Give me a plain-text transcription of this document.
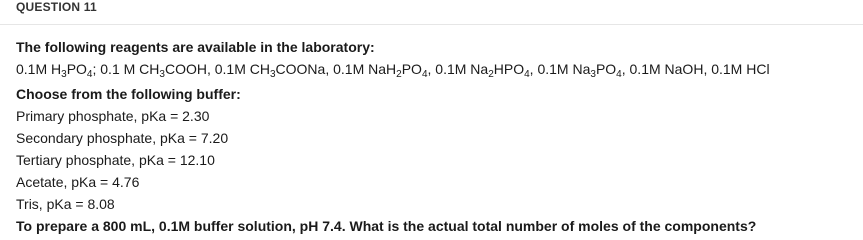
QUESTION 11
The following reagents are available in the laboratory:
0.1M $H_3PO_4$; 0.1 M $CH_3COOH$, 0.1M $CH_3COONa$, 0.1M $NaH_2PO_4$, 0.1M $Na_2HPO_4$, 0.1M $Na_3PO_4$, 0.1M NaOH, 0.1M HCl
Choose from the following buffer:
Primary phosphate, pKa = 2.30
Secondary phosphate, pKa = 7.20
Tertiary phosphate, pKa = 12.10
Acetate, pKa = 4.76
Tris, pKa = 8.08
To prepare a 800 mL, 0.1M buffer solution, pH 7.4. What is the actual total number of moles of the components?
